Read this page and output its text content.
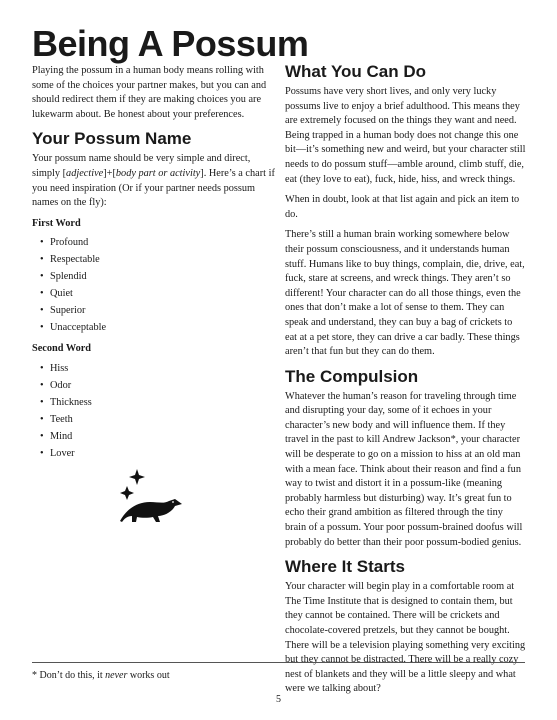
Being A Possum

Playing the possum in a human body means rolling with some of the choices your partner makes, but you can and should redirect them if they are making choices you are lukewarm about. Be honest about your preferences.

Your Possum Name

Your possum name should be very simple and direct, simply [adjective]+[body part or activity]. Here’s a chart if you need inspiration (Or if your partner needs possum names on the fly):

First Word
• Profound
• Respectable
• Splendid
• Quiet
• Superior
• Unacceptable
Second Word
• Hiss
• Odor
• Thickness
• Teeth
• Mind
• Lover
What You Can Do

Possums have very short lives, and only very lucky possums live to enjoy a brief adulthood. This means they are extremely focused on the things they want and need. Being trapped in a human body does not change this one bit—it’s something new and weird, but your character still needs to do possum stuff—amble around, climb stuff, die, eat (they love to eat), fuck, hide, hiss, and wreck things.

When in doubt, look at that list again and pick an item to do.

There’s still a human brain working somewhere below their possum consciousness, and it understands human stuff. Humans like to buy things, complain, die, drive, eat, fuck, stare at screens, and wreck things. They aren’t so different! Your character can do all those things, even the ones that don’t make a lot of sense to them. They can speak and understand, they can buy a bag of crickets to eat at a pet store, they can drive a car badly. These things aren’t that fun but they can do them.

The Compulsion

Whatever the human’s reason for traveling through time and disrupting your day, some of it echoes in your character’s new body and will influence them. If they travel in the past to kill Andrew Jackson*, your character will be desperate to go on a mission to hiss at an old man with a mean face. Think about their reason and find a fun way to twist and distort it in a possum-like (meaning probably harmless but disturbing) way. It’s great fun to echo their grand ambition as filtered through the tiny brain of a possum. Your poor possum-brained doofus will probably do better than their poor possum-bodied genius.

Where It Starts

Your character will begin play in a comfortable room at The Time Institute that is designed to contain them, but they cannot be contained. There will be crickets and chocolate-covered pretzels, but they cannot be bought. There will be a television playing something very exciting but they cannot be distracted. There will be a really cozy nest of blankets and they will be a little sleepy and what were we talking about?

* Don’t do this, it never works out
5
